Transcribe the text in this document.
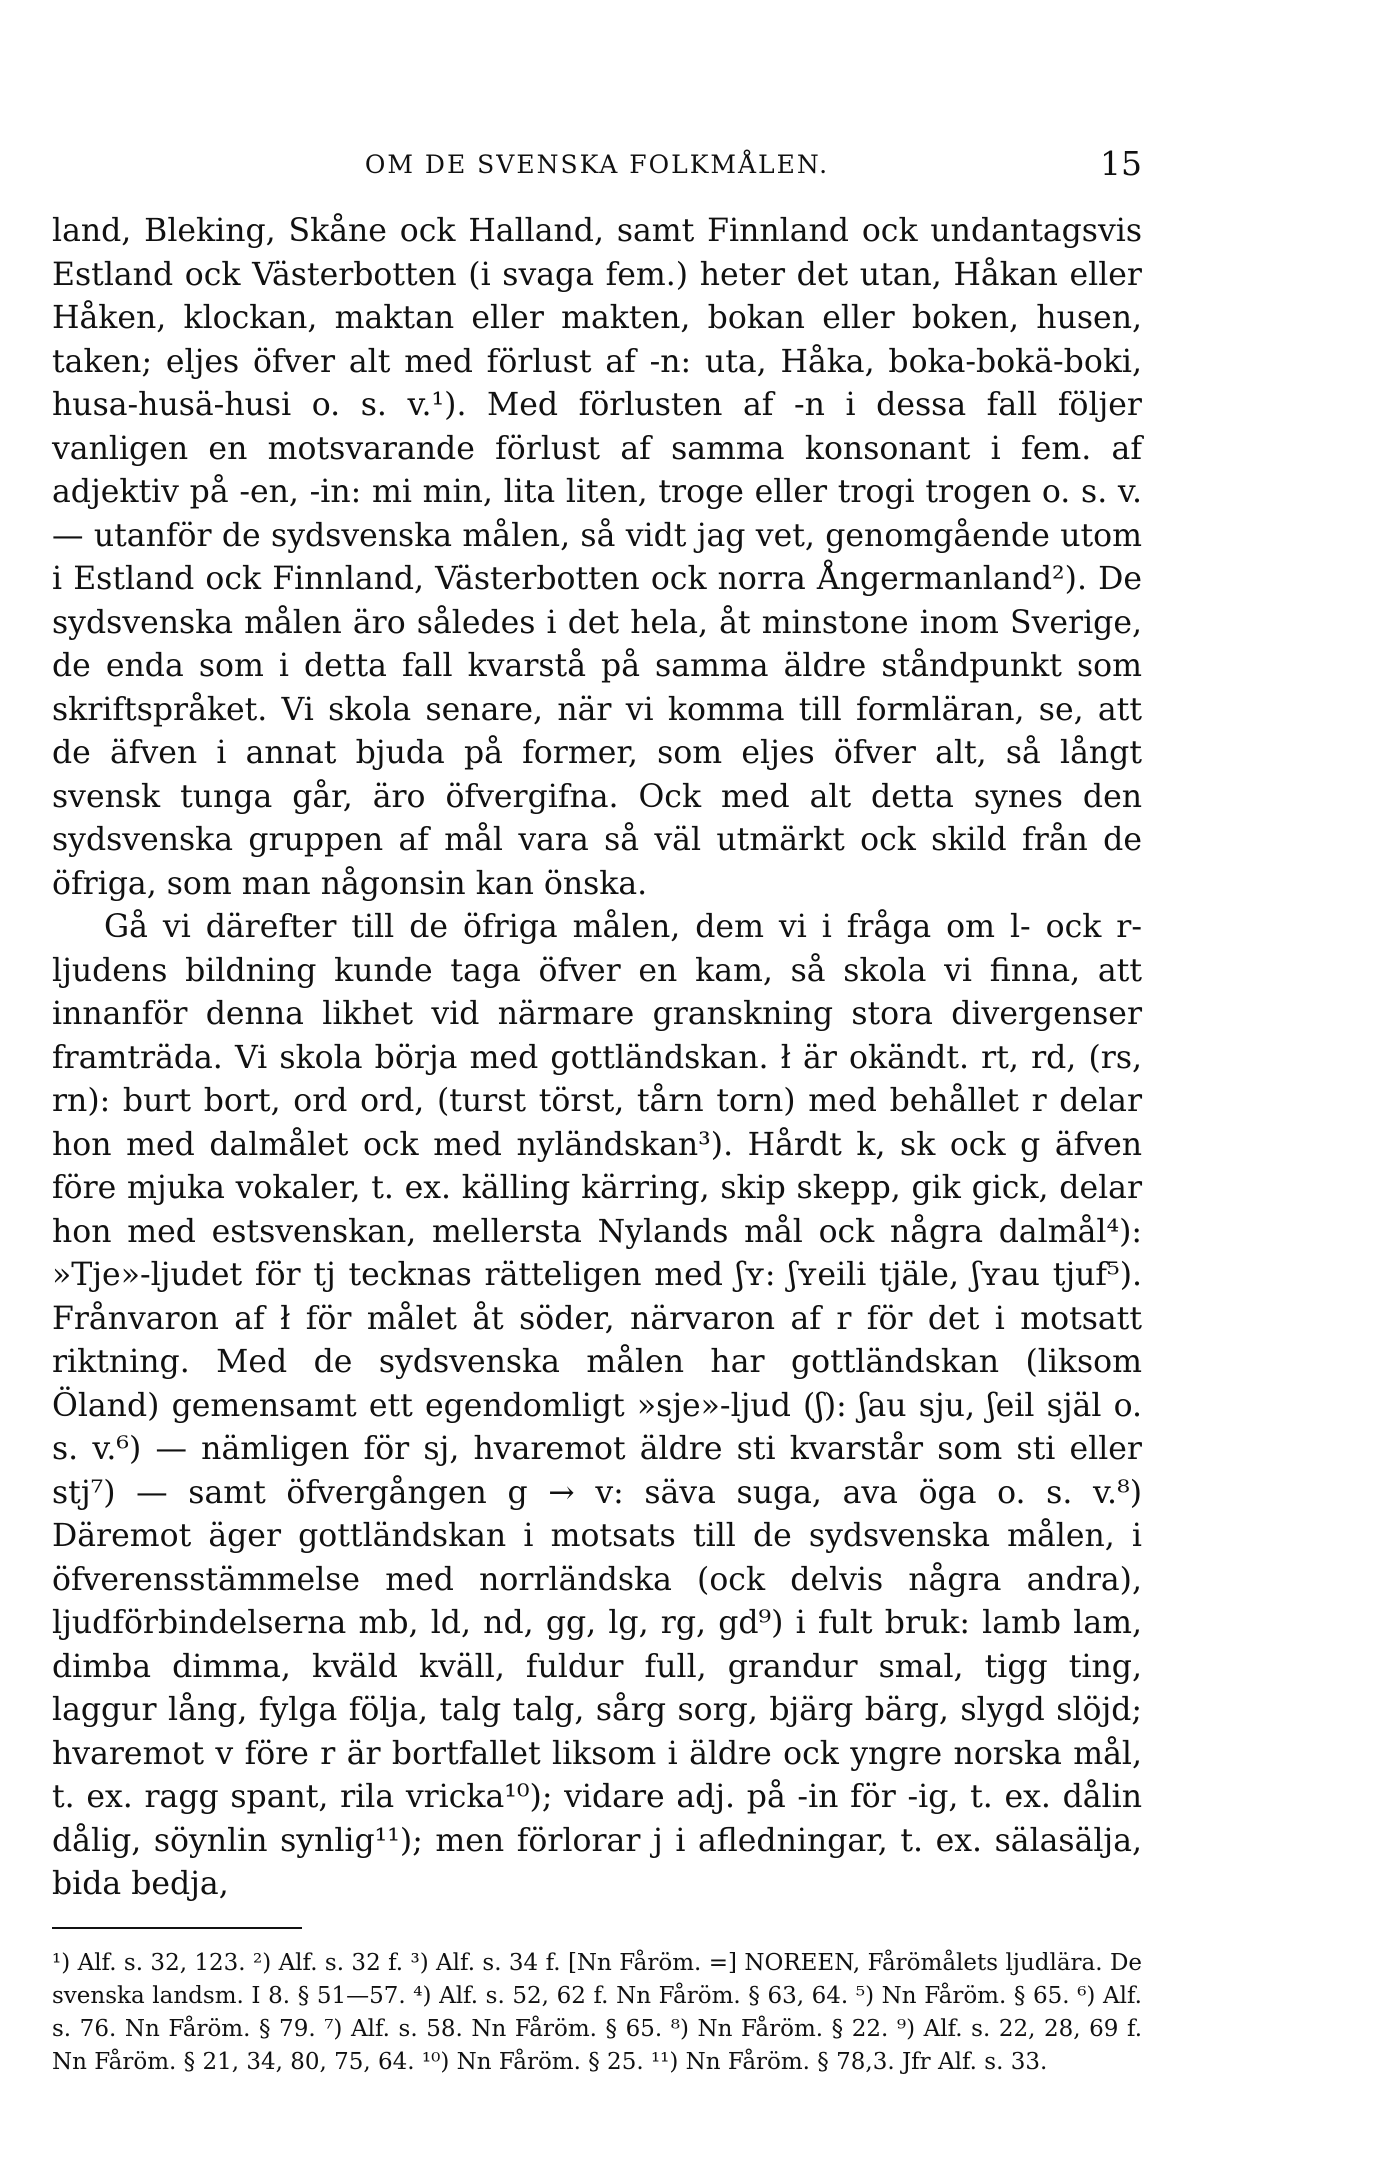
OM DE SVENSKA FOLKMÅLEN.	15

land, Bleking, Skåne ock Halland, samt Finnland ock undantagsvis Estland ock Västerbotten (i svaga fem.) heter det utan, Håkan eller Håken, klockan, maktan eller makten, bokan eller boken, husen, taken; eljes öfver alt med förlust af -n: uta, Håka, boka-bokä-boki, husa-husä-husi o. s. v.¹). Med förlusten af -n i dessa fall följer vanligen en motsvarande förlust af samma konsonant i fem. af adjektiv på -en, -in: mi min, lita liten, troge eller trogi trogen o. s. v. — utanför de sydsvenska målen, så vidt jag vet, genomgående utom i Estland ock Finnland, Västerbotten ock norra Ångermanland²). De sydsvenska målen äro således i det hela, åt minstone inom Sverige, de enda som i detta fall kvarstå på samma äldre ståndpunkt som skriftspråket. Vi skola senare, när vi komma till formläran, se, att de äfven i annat bjuda på former, som eljes öfver alt, så långt svensk tunga går, äro öfvergifna. Ock med alt detta synes den sydsvenska gruppen af mål vara så väl utmärkt ock skild från de öfriga, som man någonsin kan önska.

Gå vi därefter till de öfriga målen, dem vi i fråga om l- ock r-ljudens bildning kunde taga öfver en kam, så skola vi finna, att innanför denna likhet vid närmare granskning stora divergenser framträda. Vi skola börja med gottländskan. ł är okändt. rt, rd, (rs, rn): burt bort, ord ord, (turst törst, tårn torn) med behållet r delar hon med dalmålet ock med nyländskan³). Hårdt k, sk ock g äfven före mjuka vokaler, t. ex. källing kärring, skip skepp, gik gick, delar hon med estsvenskan, mellersta Nylands mål ock några dalmål⁴): »Tje»-ljudet för tj tecknas rätteligen med ʃʏ: ʃʏeili tjäle, ʃʏau tjuf⁵). Frånvaron af ł för målet åt söder, närvaron af r för det i motsatt riktning. Med de sydsvenska målen har gottländskan (liksom Öland) gemensamt ett egendomligt »sje»-ljud (ʃ): ʃau sju, ʃeil själ o. s. v.⁶) — nämligen för sj, hvaremot äldre sti kvarstår som sti eller stj⁷) — samt öfvergången g → v: säva suga, ava öga o. s. v.⁸) Däremot äger gottländskan i motsats till de sydsvenska målen, i öfverensstämmelse med norrländska (ock delvis några andra), ljudförbindelserna mb, ld, nd, gg, lg, rg, gd⁹) i fult bruk: lamb lam, dimba dimma, kväld kväll, fuldur full, grandur smal, tigg ting, laggur lång, fylga följa, talg talg, sårg sorg, bjärg bärg, slygd slöjd; hvaremot v före r är bortfallet liksom i äldre ock yngre norska mål, t. ex. ragg spant, rila vricka¹⁰); vidare adj. på -in för -ig, t. ex. dålin dålig, söynlin synlig¹¹); men förlorar j i afledningar, t. ex. sälasälja, bida bedja,

¹) Alf. s. 32, 123. ²) Alf. s. 32 f. ³) Alf. s. 34 f. [Nn Fåröm. =] NOREEN, Fårömålets ljudlära. De svenska landsm. I 8. § 51—57. ⁴) Alf. s. 52, 62 f. Nn Fåröm. § 63, 64. ⁵) Nn Fåröm. § 65. ⁶) Alf. s. 76. Nn Fåröm. § 79. ⁷) Alf. s. 58. Nn Fåröm. § 65. ⁸) Nn Fåröm. § 22. ⁹) Alf. s. 22, 28, 69 f. Nn Fåröm. § 21, 34, 80, 75, 64. ¹⁰) Nn Fåröm. § 25. ¹¹) Nn Fåröm. § 78,3. Jfr Alf. s. 33.
